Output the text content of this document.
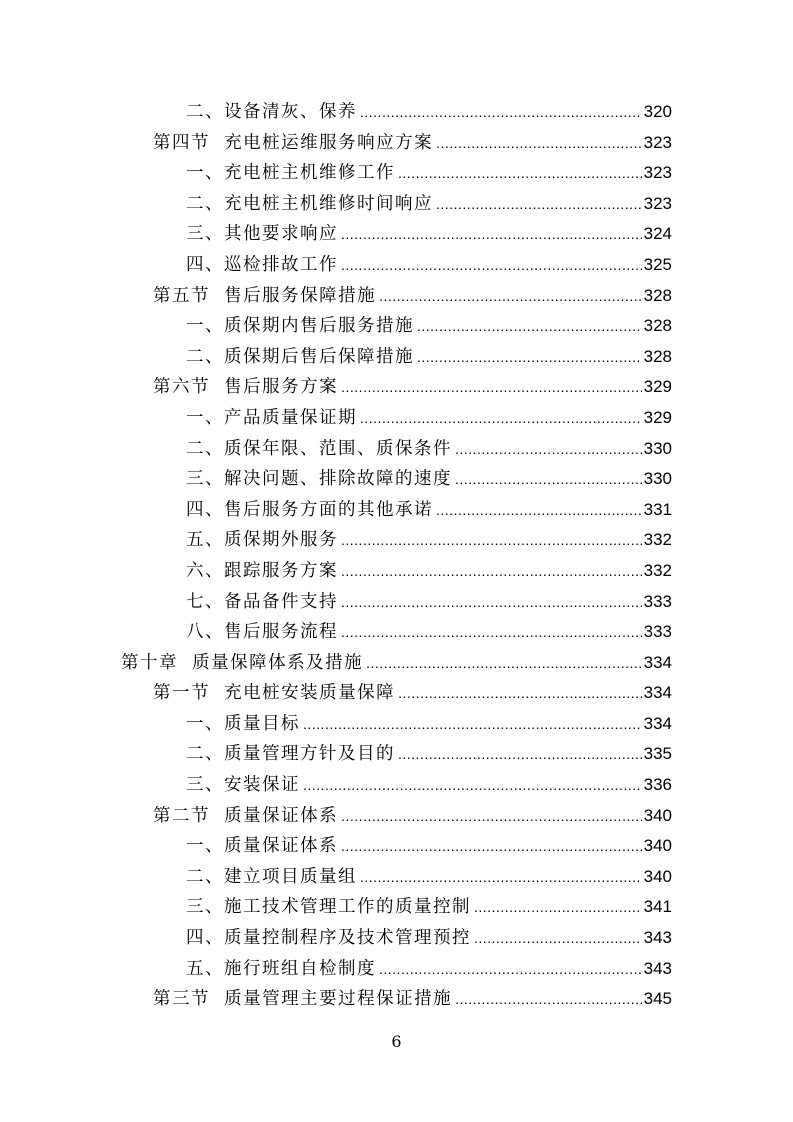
二、设备清灰、保养 .....	320
第四节  充电桩运维服务响应方案 .....	323
一、充电桩主机维修工作 .....	323
二、充电桩主机维修时间响应 .....	323
三、其他要求响应 .....	324
四、巡检排故工作 .....	325
第五节  售后服务保障措施 .....	328
一、质保期内售后服务措施 .....	328
二、质保期后售后保障措施 .....	328
第六节  售后服务方案 .....	329
一、产品质量保证期 .....	329
二、质保年限、范围、质保条件 .....	330
三、解决问题、排除故障的速度 .....	330
四、售后服务方面的其他承诺 .....	331
五、质保期外服务 .....	332
六、跟踪服务方案 .....	332
七、备品备件支持 .....	333
八、售后服务流程 .....	333
第十章  质量保障体系及措施 .....	334
第一节  充电桩安装质量保障 .....	334
一、质量目标 .....	334
二、质量管理方针及目的 .....	335
三、安装保证 .....	336
第二节  质量保证体系 .....	340
一、质量保证体系 .....	340
二、建立项目质量组 .....	340
三、施工技术管理工作的质量控制 .....	341
四、质量控制程序及技术管理预控 .....	343
五、施行班组自检制度 .....	343
第三节  质量管理主要过程保证措施 .....	345
6
